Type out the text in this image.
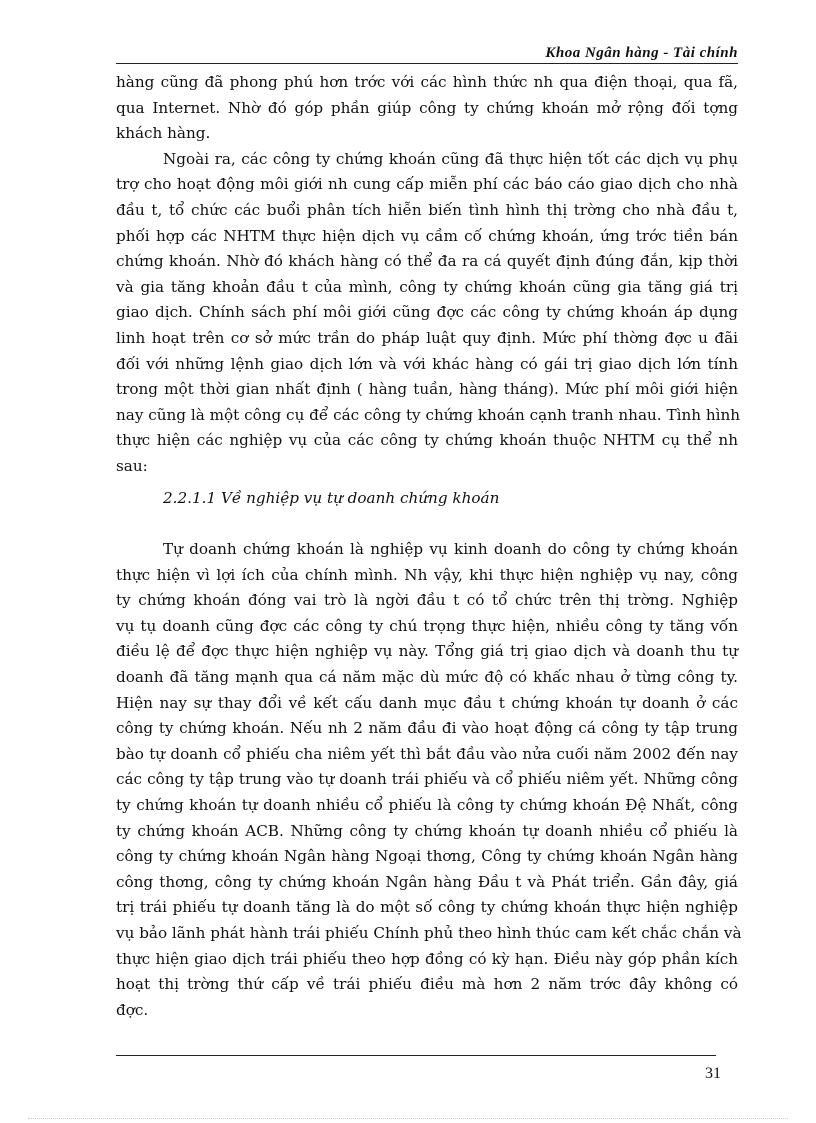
Khoa Ngân hàng - Tài chính
hàng cũng đã phong phú hơn trớc với các hình thức nh qua điện thoại, qua fã,
qua Internet. Nhờ đó góp phần giúp công ty chứng khoán mở rộng đối tợng
khách hàng.
Ngoài ra, các công ty chứng khoán cũng đã thực hiện tốt các dịch vụ phụ
trợ cho hoạt động môi giới nh cung cấp miễn phí các báo cáo giao dịch cho nhà
đầu t, tổ chức các buổi phân tích hiễn biến tình hình thị trờng cho nhà đầu t,
phối hợp các NHTM thực hiện dịch vụ cầm cố chứng khoán, ứng trớc tiền bán
chứng khoán. Nhờ đó khách hàng có thể đa ra cá quyết định đúng đắn, kịp thời
và gia tăng khoản đầu t của mình, công ty chứng khoán cũng gia tăng giá trị
giao dịch. Chính sách phí môi giới cũng đợc các công ty chứng khoán áp dụng
linh hoạt trên cơ sở mức trần do pháp luật quy định. Mức phí thờng đợc u đãi
đối với những lệnh giao dịch lớn và với khác hàng có gái trị giao dịch lớn tính
trong một thời gian nhất định ( hàng tuần, hàng tháng). Mức phí môi giới hiện
nay cũng là một công cụ để các công ty chứng khoán cạnh tranh nhau. Tình hình
thực hiện các nghiệp vụ của các công ty chứng khoán thuộc NHTM cụ thể nh
sau:
2.2.1.1 Về nghiệp vụ tự doanh chứng khoán
Tự doanh chứng khoán là nghiệp vụ kinh doanh do công ty chứng khoán
thực hiện vì lợi ích của chính mình. Nh vậy, khi thực hiện nghiệp vụ nay, công
ty chứng khoán đóng vai trò là ngời đầu t có tổ chức trên thị trờng. Nghiệp
vụ tụ doanh cũng đợc các công ty chú trọng thực hiện, nhiều công ty tăng vốn
điều lệ để đợc thực hiện nghiệp vụ này. Tổng giá trị giao dịch và doanh thu tự
doanh đã tăng mạnh qua cá năm mặc dù mức độ có khấc nhau ở từng công ty.
Hiện nay sự thay đổi về kết cấu danh mục đầu t chứng khoán tự doanh ở các
công ty chứng khoán. Nếu nh 2 năm đầu đi vào hoạt động cá công ty tập trung
bào tự doanh cổ phiếu cha niêm yết thì bắt đầu vào nửa cuối năm 2002 đến nay
các công ty tập trung vào tự doanh trái phiếu và cổ phiếu niêm yết. Những công
ty chứng khoán tự doanh nhiều cổ phiếu là công ty chứng khoán Đệ Nhất, công
ty chứng khoán ACB. Những công ty chứng khoán tự doanh nhiều cổ phiếu là
công ty chứng khoán Ngân hàng Ngoại thơng, Công ty chứng khoán Ngân hàng
công thơng, công ty chứng khoán Ngân hàng Đầu t và Phát triển. Gần đây, giá
trị trái phiếu tự doanh tăng là do một số công ty chứng khoán thực hiện nghiệp
vụ bảo lãnh phát hành trái phiếu Chính phủ theo hình thúc cam kết chắc chắn và
thực hiện giao dịch trái phiếu theo hợp đồng có kỳ hạn. Điều này góp phần kích
hoạt thị trờng thứ cấp về trái phiếu điều mà hơn 2 năm trớc đây không có
đợc.
31
